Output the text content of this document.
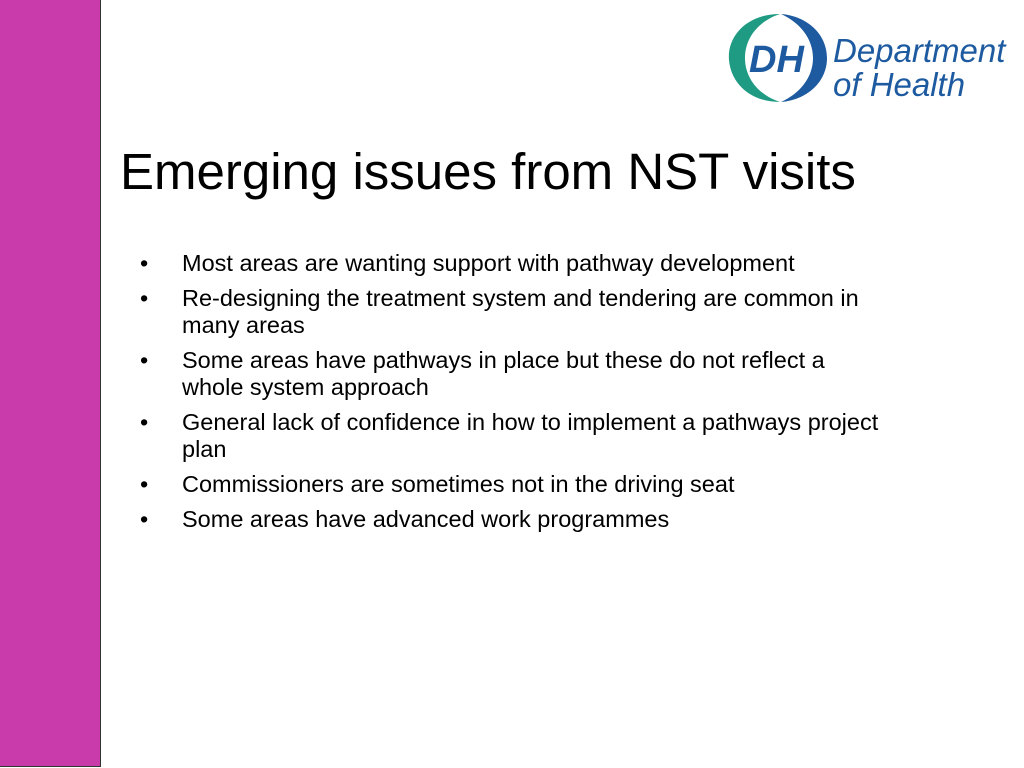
DH Department
of Health
Emerging issues from NST visits
•	Most areas are wanting support with pathway development
•	Re-designing the treatment system and tendering are common in many areas
•	Some areas have pathways in place but these do not reflect a whole system approach
•	General lack of confidence in how to implement a pathways project plan
•	Commissioners are sometimes not in the driving seat
•	Some areas have advanced work programmes
